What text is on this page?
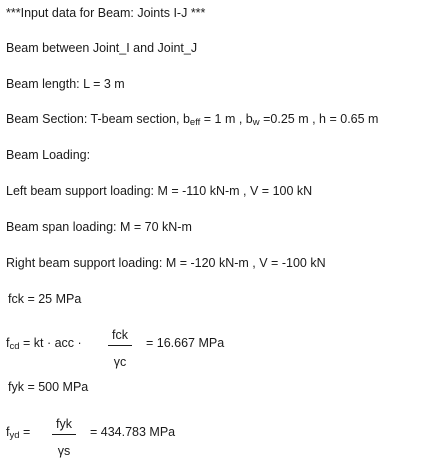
***Input data for Beam: Joints I-J ***
Beam between Joint_I and Joint_J
Beam length: L = 3 m
Beam Section: T-beam section, beff = 1 m , bw =0.25 m , h = 0.65 m
Beam Loading:
Left beam support loading: M = -110 kN-m , V = 100 kN
Beam span loading: M = 70 kN-m
Right beam support loading: M = -120 kN-m , V = -100 kN
fck = 25 MPa
fcd = kt · acc ·
fck
γc
= 16.667 MPa
fyk = 500 MPa
fyd =
fyk
γs
= 434.783 MPa
